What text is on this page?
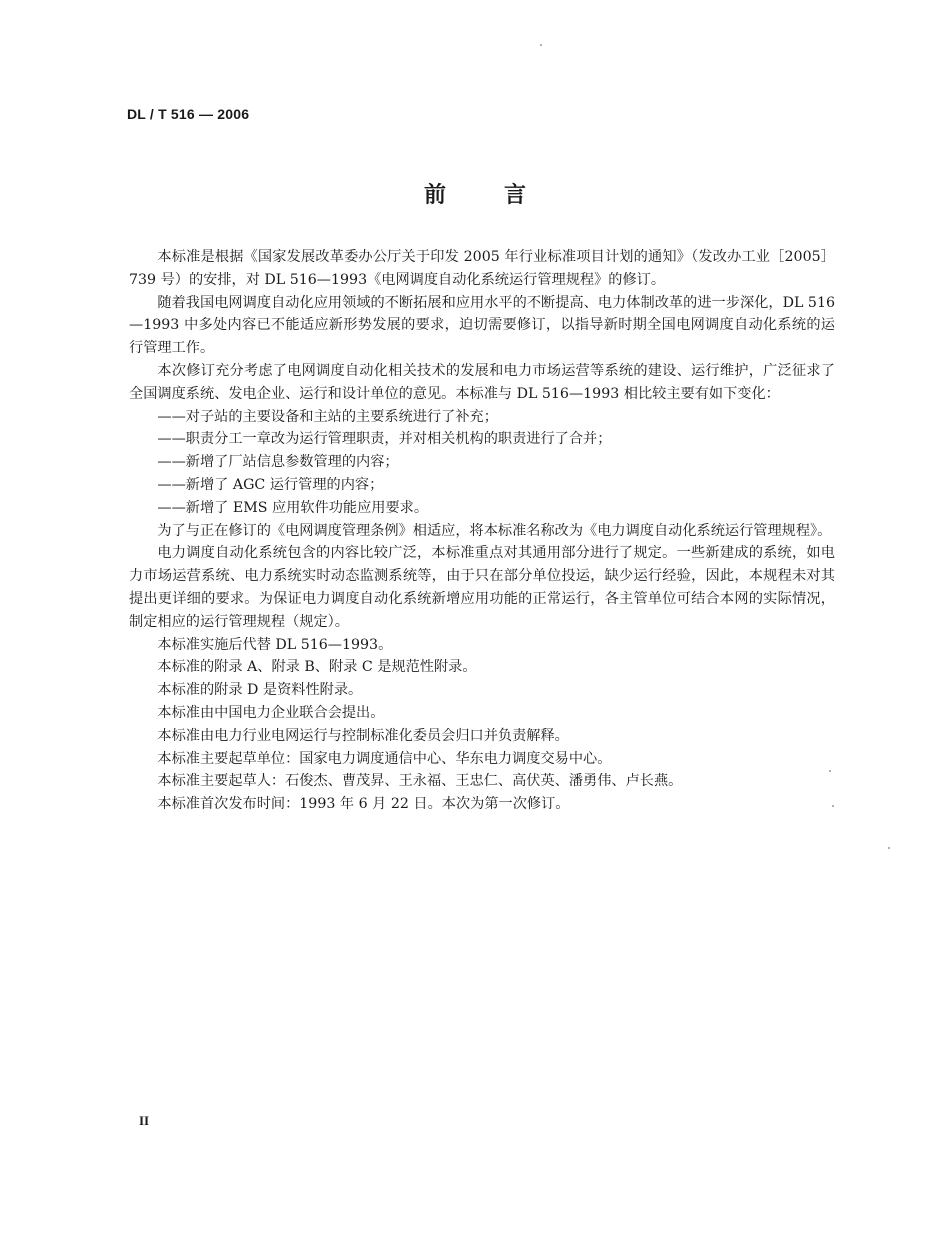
DL / T 516 — 2006
前	言

本标准是根据《国家发展改革委办公厅关于印发 2005 年行业标准项目计划的通知》（发改办工业［2005］739 号）的安排，对 DL 516—1993《电网调度自动化系统运行管理规程》的修订。

随着我国电网调度自动化应用领域的不断拓展和应用水平的不断提高、电力体制改革的进一步深化，DL 516—1993 中多处内容已不能适应新形势发展的要求，迫切需要修订，以指导新时期全国电网调度自动化系统的运行管理工作。

本次修订充分考虑了电网调度自动化相关技术的发展和电力市场运营等系统的建设、运行维护，广泛征求了全国调度系统、发电企业、运行和设计单位的意见。本标准与 DL 516—1993 相比较主要有如下变化：

——对子站的主要设备和主站的主要系统进行了补充；

——职责分工一章改为运行管理职责，并对相关机构的职责进行了合并；

——新增了厂站信息参数管理的内容；

——新增了 AGC 运行管理的内容；

——新增了 EMS 应用软件功能应用要求。

为了与正在修订的《电网调度管理条例》相适应，将本标准名称改为《电力调度自动化系统运行管理规程》。

电力调度自动化系统包含的内容比较广泛，本标准重点对其通用部分进行了规定。一些新建成的系统，如电力市场运营系统、电力系统实时动态监测系统等，由于只在部分单位投运，缺少运行经验，因此，本规程未对其提出更详细的要求。为保证电力调度自动化系统新增应用功能的正常运行，各主管单位可结合本网的实际情况，制定相应的运行管理规程（规定）。

本标准实施后代替 DL 516—1993。

本标准的附录 A、附录 B、附录 C 是规范性附录。

本标准的附录 D 是资料性附录。

本标准由中国电力企业联合会提出。

本标准由电力行业电网运行与控制标准化委员会归口并负责解释。

本标准主要起草单位：国家电力调度通信中心、华东电力调度交易中心。

本标准主要起草人：石俊杰、曹茂昇、王永福、王忠仁、高伏英、潘勇伟、卢长燕。

本标准首次发布时间：1993 年 6 月 22 日。本次为第一次修订。

II
